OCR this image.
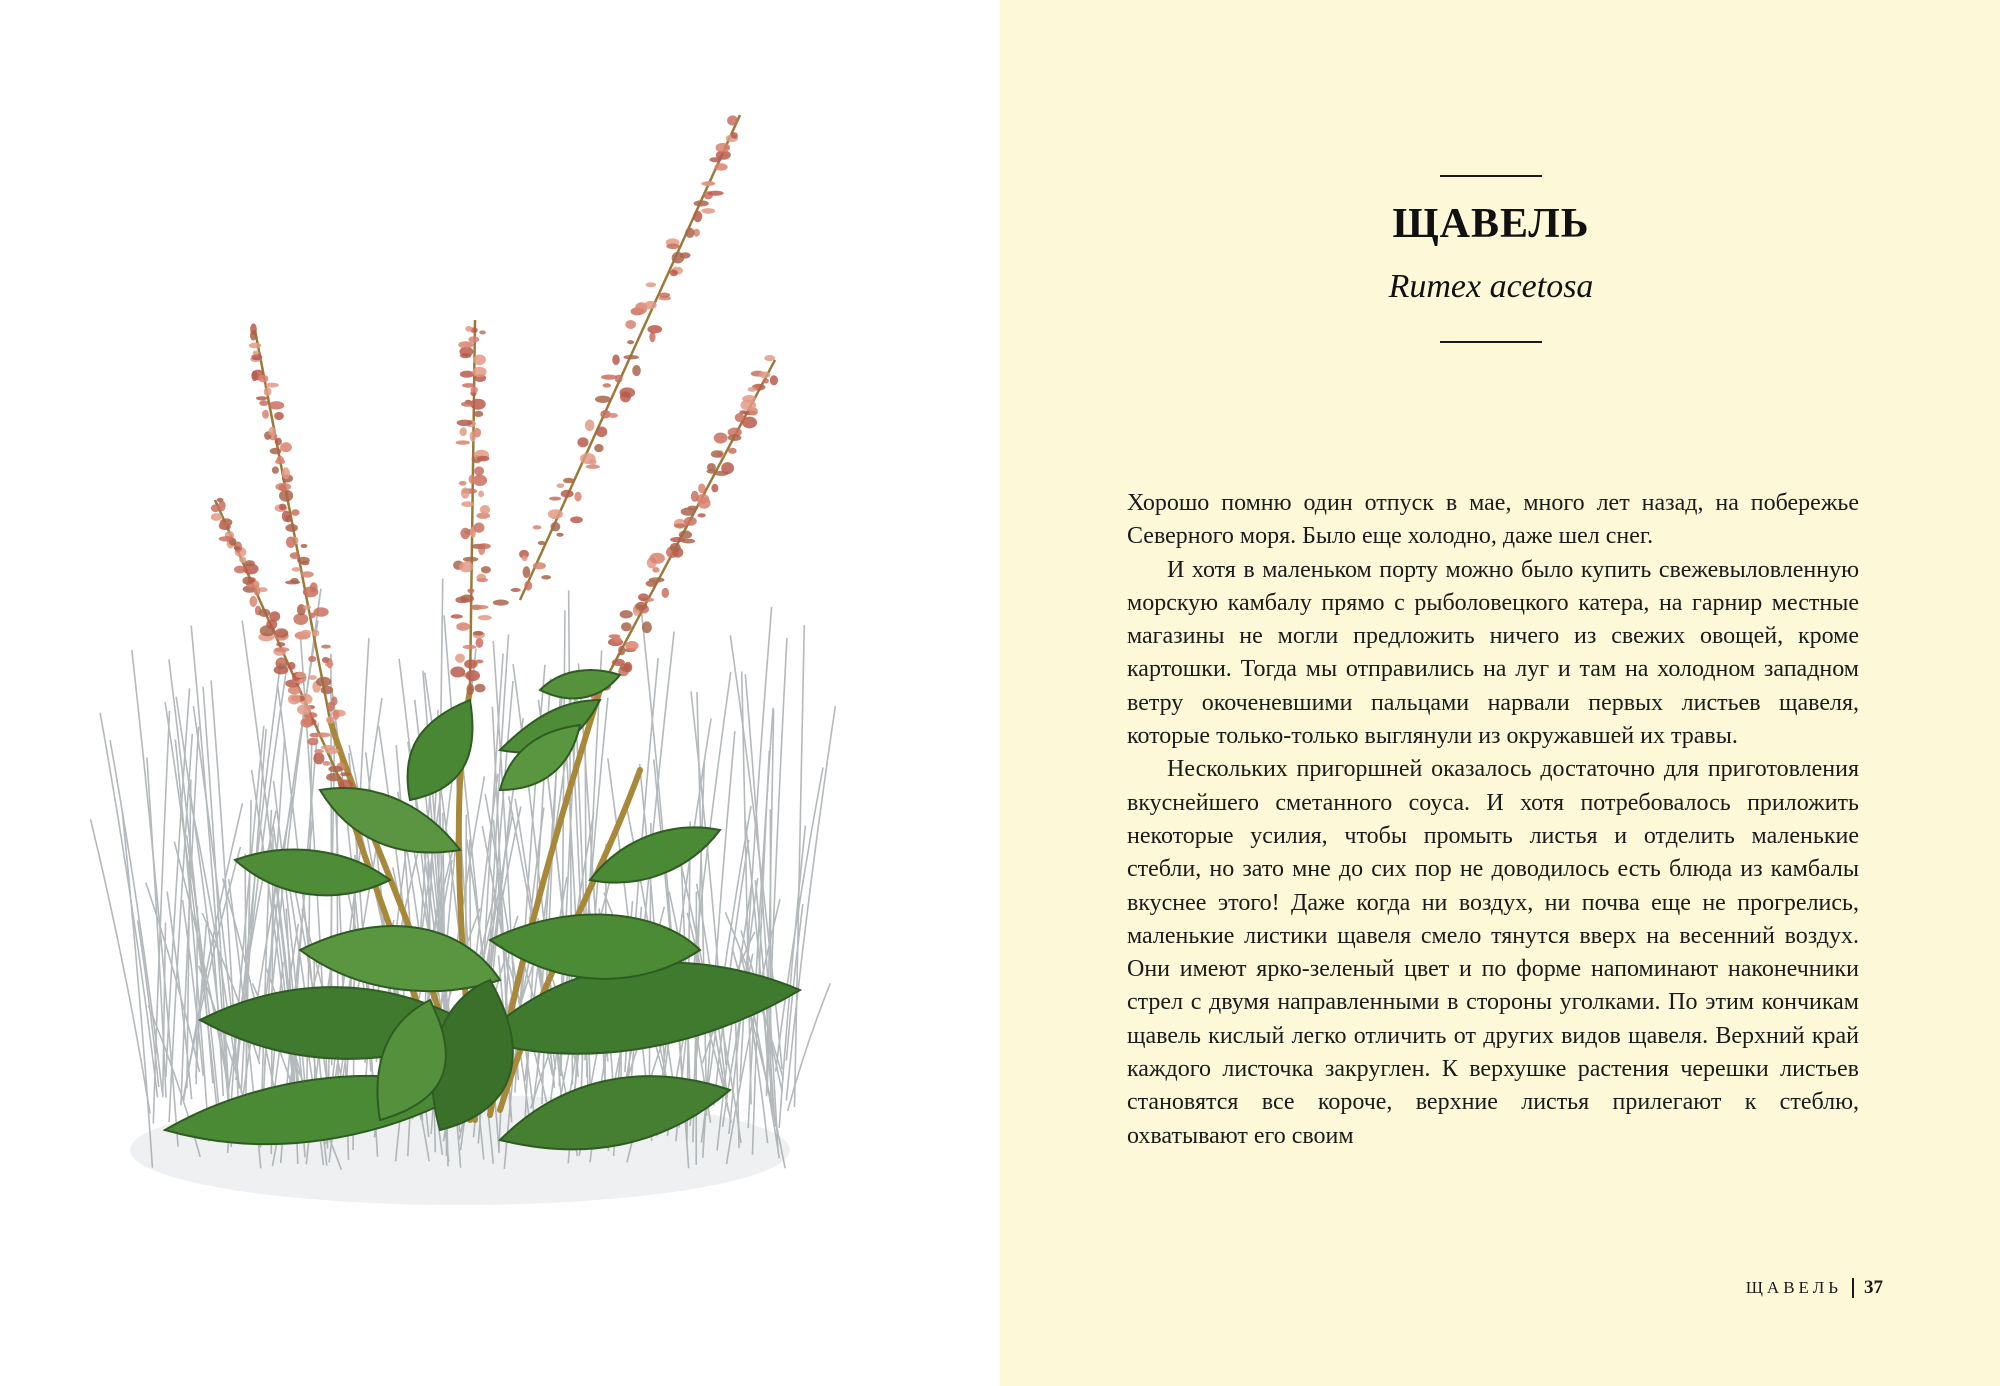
ЩАВЕЛЬ
Rumex acetosa

Хорошо помню один отпуск в мае, много лет назад, на побережье Северного моря. Было еще холодно, даже шел снег.

И хотя в маленьком порту можно было купить свежевыловленную морскую камбалу прямо с рыболовецкого катера, на гарнир местные магазины не могли предложить ничего из свежих овощей, кроме картошки. Тогда мы отправились на луг и там на холодном западном ветру окоченевшими пальцами нарвали первых листьев щавеля, которые только-только выглянули из окружавшей их травы.

Нескольких пригоршней оказалось достаточно для приготовления вкуснейшего сметанного соуса. И хотя потребовалось приложить некоторые усилия, чтобы промыть листья и отделить маленькие стебли, но зато мне до сих пор не доводилось есть блюда из камбалы вкуснее этого! Даже когда ни воздух, ни почва еще не прогрелись, маленькие листики щавеля смело тянутся вверх на весенний воздух. Они имеют ярко-зеленый цвет и по форме напоминают наконечники стрел с двумя направленными в стороны уголками. По этим кончикам щавель кислый легко отличить от других видов щавеля. Верхний край каждого листочка закруглен. К верхушке растения черешки листьев становятся все короче, верхние листья прилегают к стеблю, охватывают его своим

ЩАВЕЛЬ 37
